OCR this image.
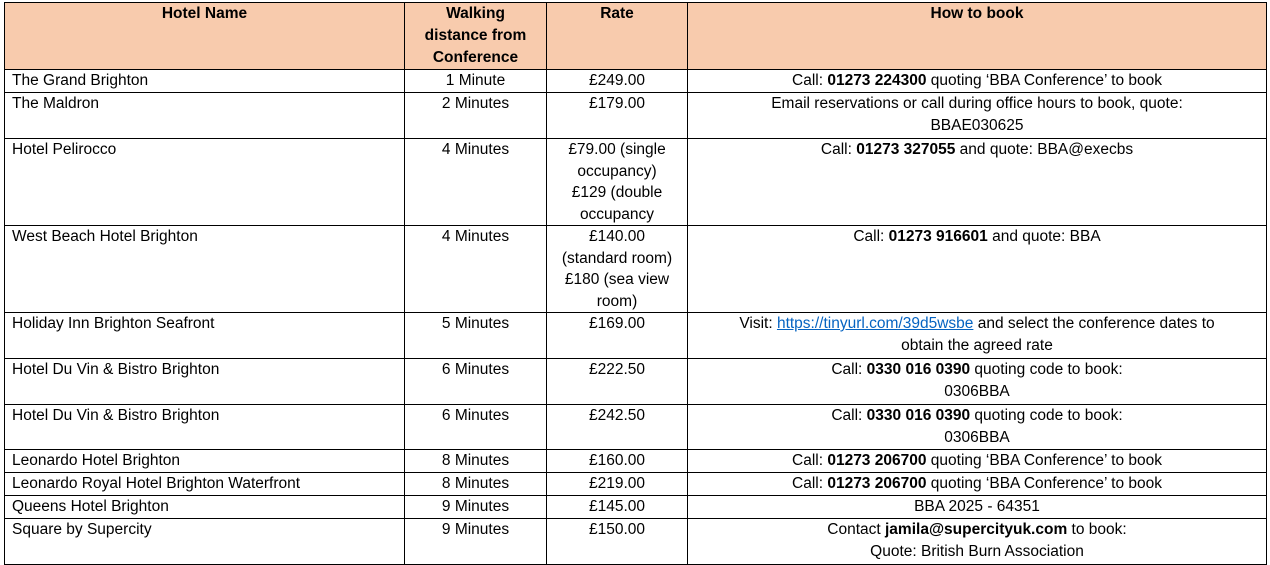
Hotel Name	Walking
distance from
Conference	Rate	How to book
The Grand Brighton	1 Minute	£249.00	Call: 01273 224300 quoting ‘BBA Conference’ to book
The Maldron	2 Minutes	£179.00	Email reservations or call during office hours to book, quote:
BBAE030625

Hotel Pelirocco	4 Minutes	£79.00 (single
occupancy)
£129 (double
occupancy	Call: 01273 327055 and quote: BBA@execbs
West Beach Hotel Brighton	4 Minutes	£140.00
(standard room)
£180 (sea view
room)	Call: 01273 916601 and quote: BBA
Holiday Inn Brighton Seafront	5 Minutes	£169.00	Visit: https://tinyurl.com/39d5wsbe and select the conference dates to
obtain the agreed rate

Hotel Du Vin & Bistro Brighton	6 Minutes	£222.50	Call: 0330 016 0390 quoting code to book:
0306BBA

Hotel Du Vin & Bistro Brighton	6 Minutes	£242.50	Call: 0330 016 0390 quoting code to book:
0306BBA

Leonardo Hotel Brighton	8 Minutes	£160.00	Call: 01273 206700 quoting ‘BBA Conference’ to book
Leonardo Royal Hotel Brighton Waterfront	8 Minutes	£219.00	Call: 01273 206700 quoting ‘BBA Conference’ to book
Queens Hotel Brighton	9 Minutes	£145.00	BBA 2025 - 64351
Square by Supercity	9 Minutes	£150.00	Contact jamila@supercityuk.com to book:
Quote: British Burn Association
